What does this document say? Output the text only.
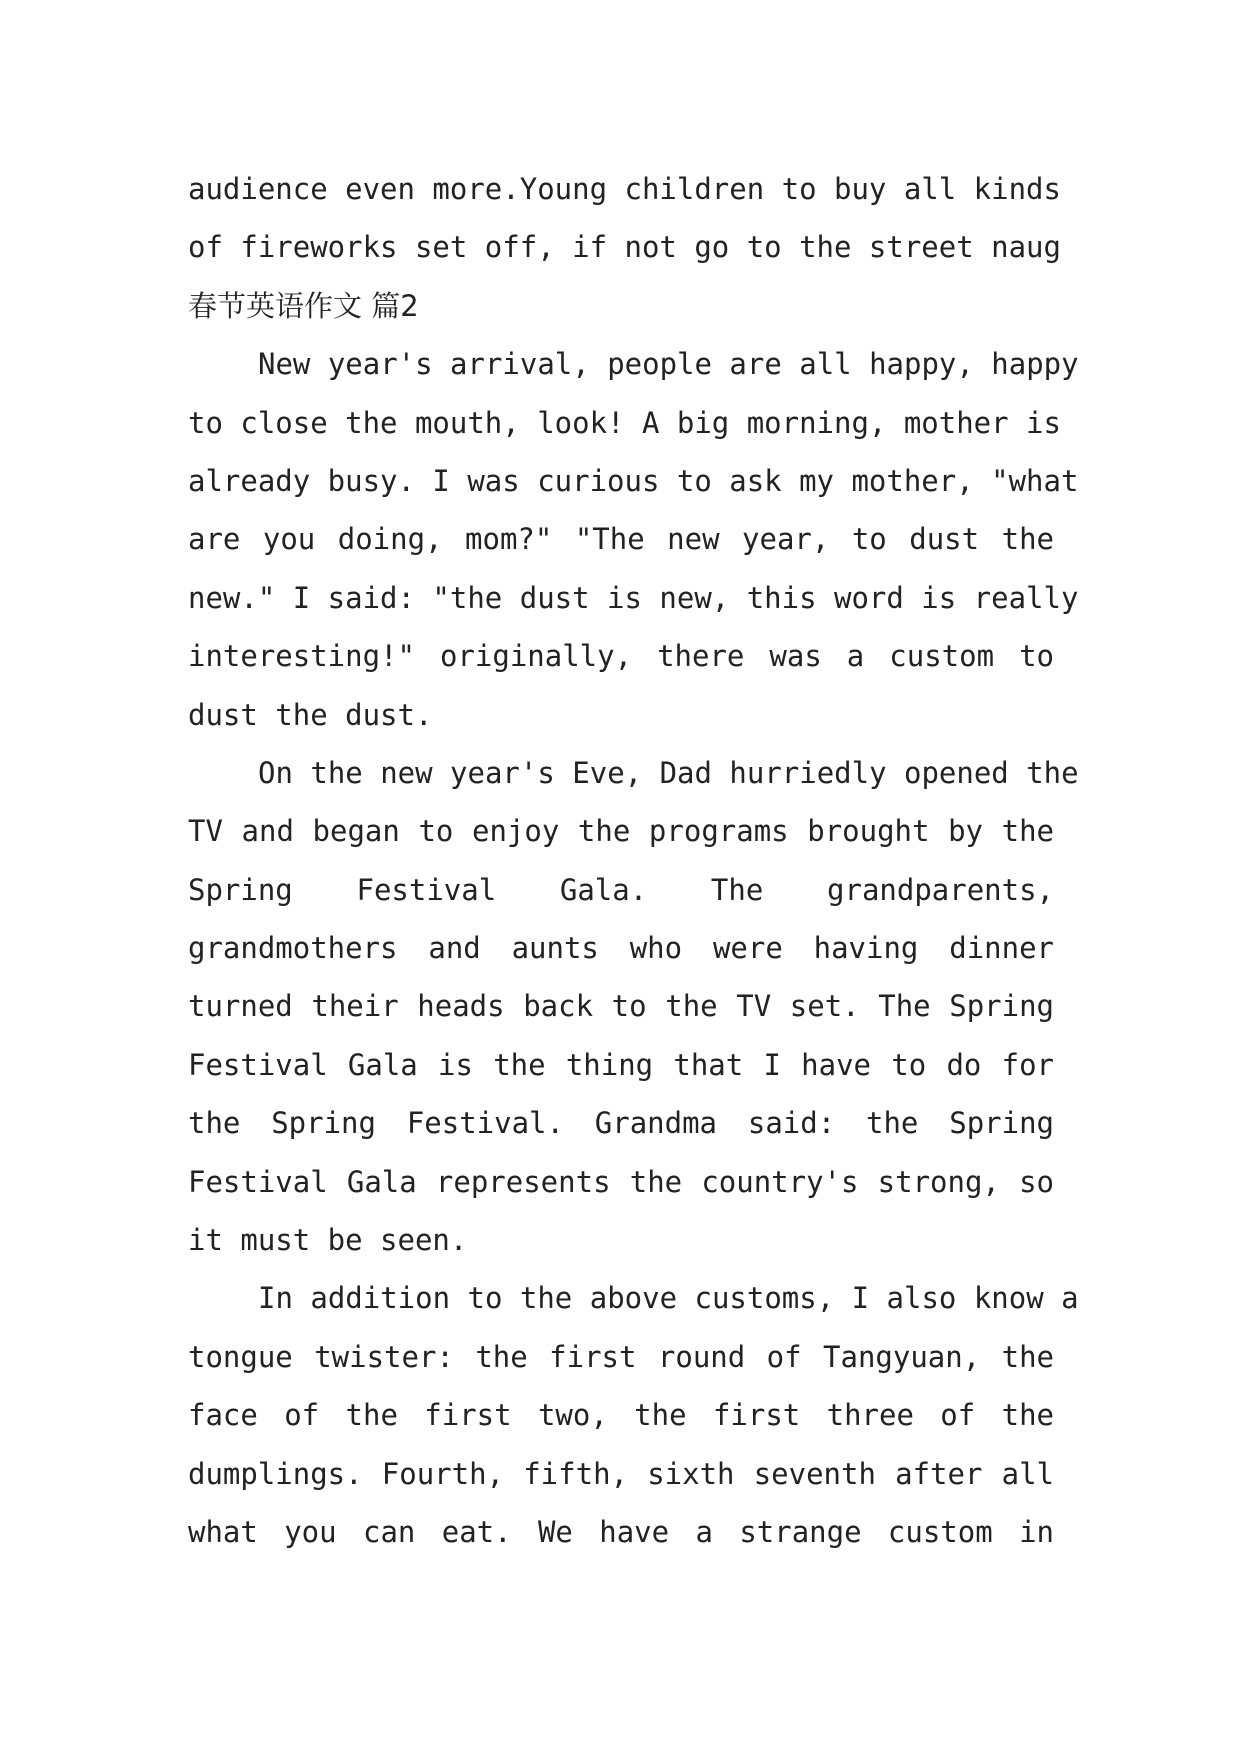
audience even more.Young children to buy all kinds
of fireworks set off, if not go to the street naug
春节英语作文 篇2
New year's arrival, people are all happy, happy
to close the mouth, look! A big morning, mother is
already busy. I was curious to ask my mother, "what
are you doing, mom?" "The new year, to dust the
new." I said: "the dust is new, this word is really
interesting!" originally, there was a custom to
dust the dust.
On the new year's Eve, Dad hurriedly opened the
TV and began to enjoy the programs brought by the
Spring Festival Gala. The grandparents,
grandmothers and aunts who were having dinner
turned their heads back to the TV set. The Spring
Festival Gala is the thing that I have to do for
the Spring Festival. Grandma said: the Spring
Festival Gala represents the country's strong, so
it must be seen.
In addition to the above customs, I also know a
tongue twister: the first round of Tangyuan, the
face of the first two, the first three of the
dumplings. Fourth, fifth, sixth seventh after all
what you can eat. We have a strange custom in
